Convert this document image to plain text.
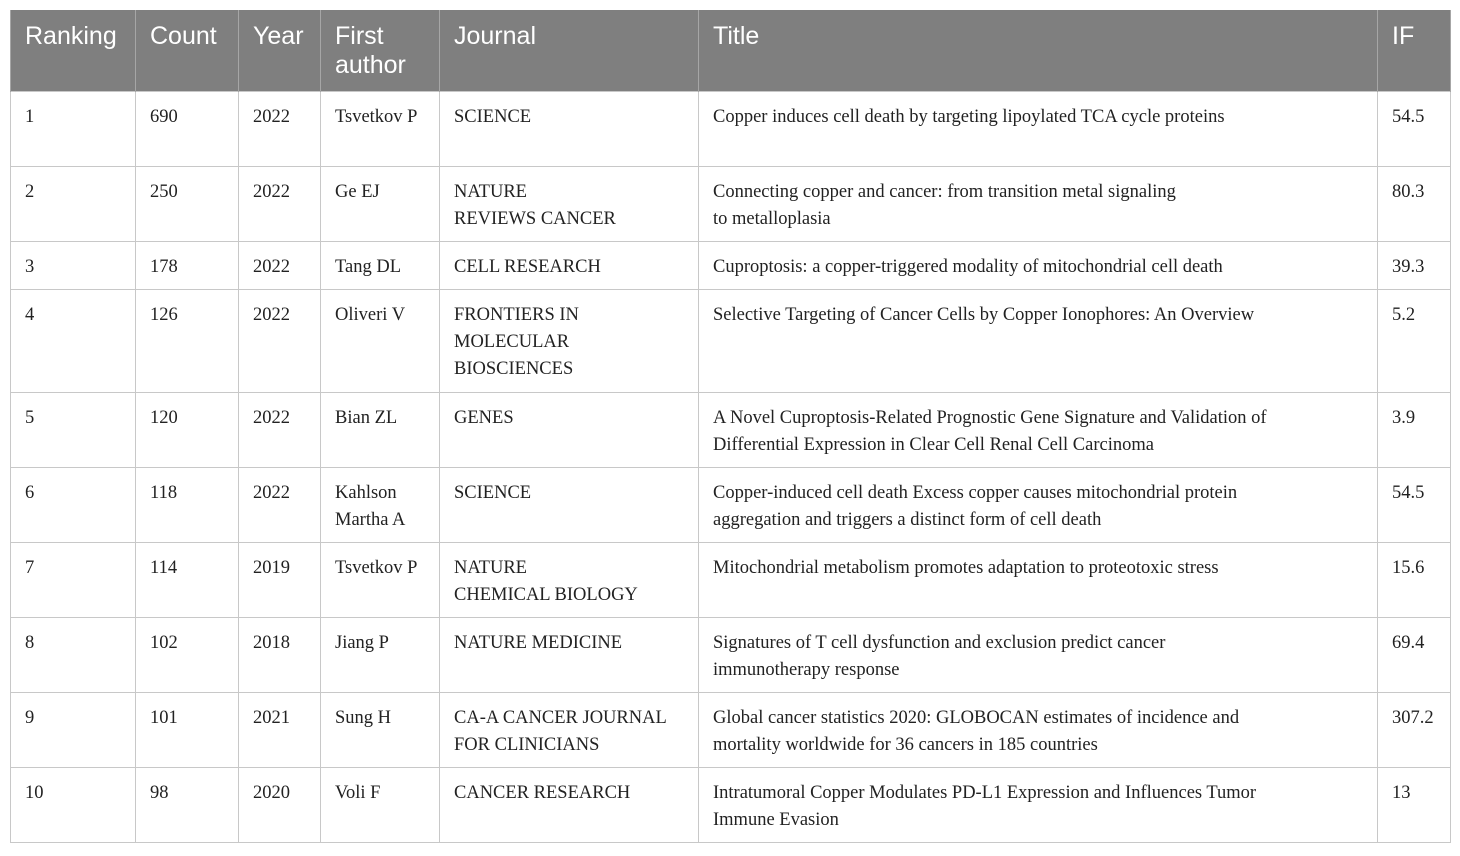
Ranking	Count	Year	First author	Journal	Title	IF
1	690	2022	Tsvetkov P	SCIENCE	Copper induces cell death by targeting lipoylated TCA cycle proteins	54.5
2	250	2022	Ge EJ	NATURE
REVIEWS CANCER	Connecting copper and cancer: from transition metal signaling
to metalloplasia	80.3
3	178	2022	Tang DL	CELL RESEARCH	Cuproptosis: a copper-triggered modality of mitochondrial cell death	39.3
4	126	2022	Oliveri V	FRONTIERS IN
MOLECULAR
BIOSCIENCES	Selective Targeting of Cancer Cells by Copper Ionophores: An Overview	5.2
5	120	2022	Bian ZL	GENES	A Novel Cuproptosis-Related Prognostic Gene Signature and Validation of
Differential Expression in Clear Cell Renal Cell Carcinoma	3.9
6	118	2022	Kahlson Martha A	SCIENCE	Copper-induced cell death Excess copper causes mitochondrial protein
aggregation and triggers a distinct form of cell death	54.5
7	114	2019	Tsvetkov P	NATURE
CHEMICAL BIOLOGY	Mitochondrial metabolism promotes adaptation to proteotoxic stress	15.6
8	102	2018	Jiang P	NATURE MEDICINE	Signatures of T cell dysfunction and exclusion predict cancer
immunotherapy response	69.4
9	101	2021	Sung H	CA-A CANCER JOURNAL
FOR CLINICIANS	Global cancer statistics 2020: GLOBOCAN estimates of incidence and
mortality worldwide for 36 cancers in 185 countries	307.2
10	98	2020	Voli F	CANCER RESEARCH	Intratumoral Copper Modulates PD-L1 Expression and Influences Tumor
Immune Evasion	13
